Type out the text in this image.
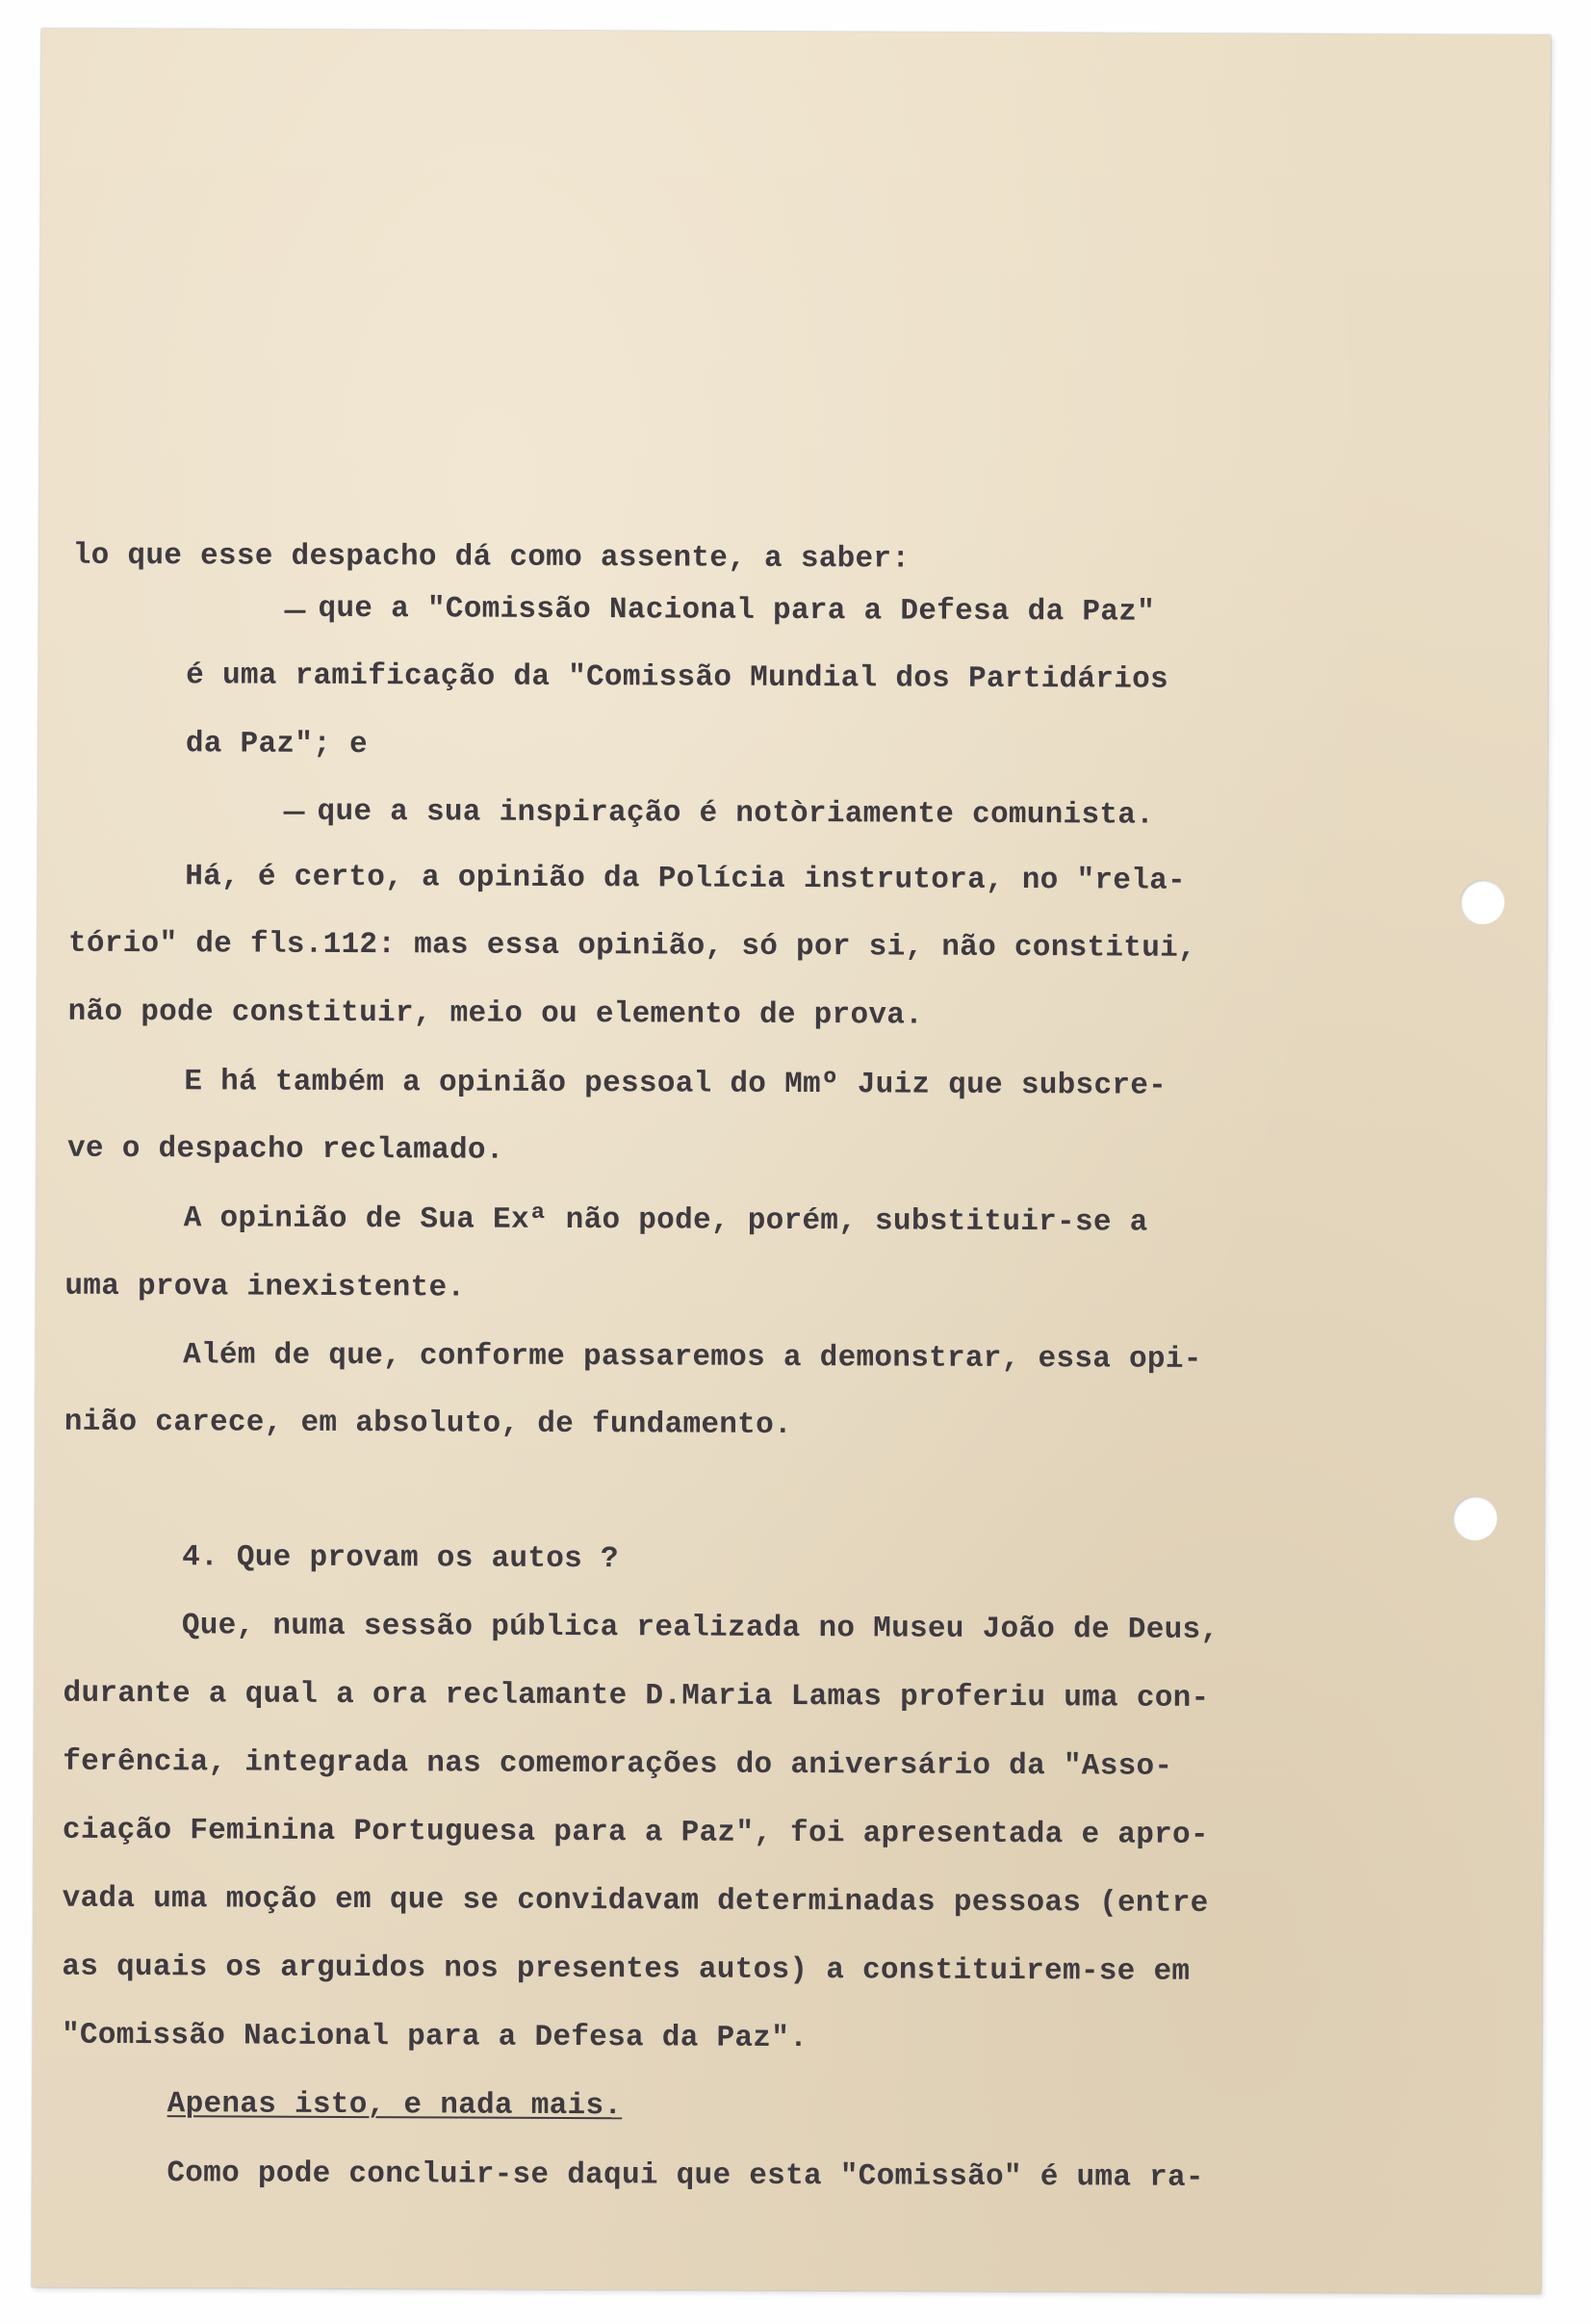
lo que esse despacho dá como assente, a saber:
que a "Comissão Nacional para a Defesa da Paz"
é uma ramificação da "Comissão Mundial dos Partidários
da Paz"; e
que a sua inspiração é notòriamente comunista.
Há, é certo, a opinião da Polícia instrutora, no "rela-
tório" de fls.112: mas essa opinião, só por si, não constitui,
não pode constituir, meio ou elemento de prova.
E há também a opinião pessoal do Mmº Juiz que subscre-
ve o despacho reclamado.
A opinião de Sua Exª não pode, porém, substituir-se a
uma prova inexistente.
Além de que, conforme passaremos a demonstrar, essa opi-
nião carece, em absoluto, de fundamento.
4. Que provam os autos ?
Que, numa sessão pública realizada no Museu João de Deus,
durante a qual a ora reclamante D.Maria Lamas proferiu uma con-
ferência, integrada nas comemorações do aniversário da "Asso-
ciação Feminina Portuguesa para a Paz", foi apresentada e apro-
vada uma moção em que se convidavam determinadas pessoas (entre
as quais os arguidos nos presentes autos) a constituirem-se em
"Comissão Nacional para a Defesa da Paz".
Apenas isto, e nada mais.
Como pode concluir-se daqui que esta "Comissão" é uma ra-
